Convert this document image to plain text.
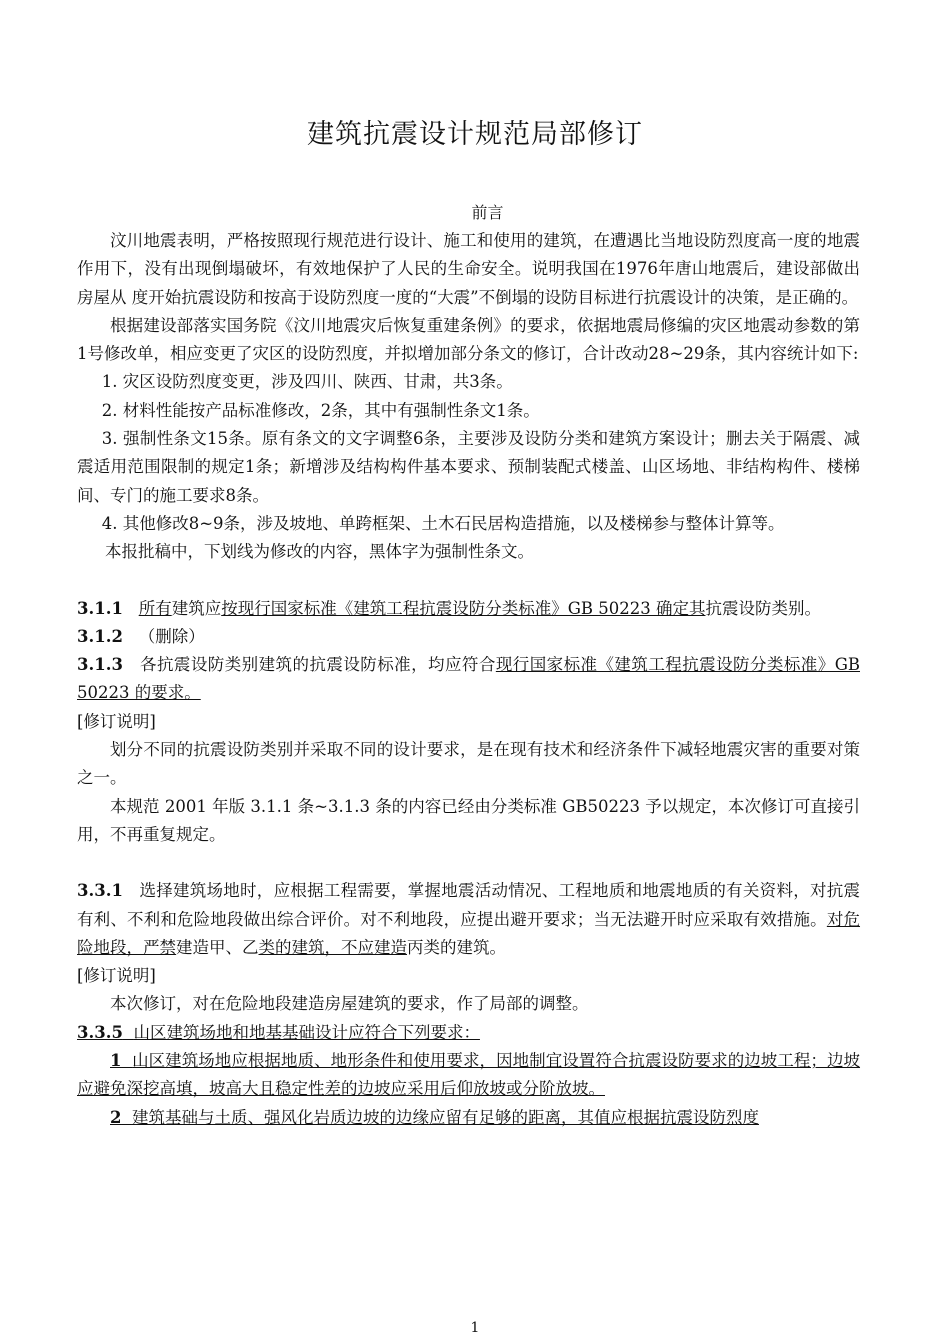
建筑抗震设计规范局部修订
前言

汶川地震表明，严格按照现行规范进行设计、施工和使用的建筑，在遭遇比当地设防烈度高一度的地震作用下，没有出现倒塌破坏，有效地保护了人民的生命安全。说明我国在1976年唐山地震后，建设部做出房屋从 度开始抗震设防和按高于设防烈度一度的“大震”不倒塌的设防目标进行抗震设计的决策，是正确的。

根据建设部落实国务院《汶川地震灾后恢复重建条例》的要求，依据地震局修编的灾区地震动参数的第1号修改单，相应变更了灾区的设防烈度，并拟增加部分条文的修订，合计改动28~29条，其内容统计如下:

1. 灾区设防烈度变更，涉及四川、陕西、甘肃，共3条。

2. 材料性能按产品标准修改，2条，其中有强制性条文1条。

3. 强制性条文15条。原有条文的文字调整6条，主要涉及设防分类和建筑方案设计；删去关于隔震、减震适用范围限制的规定1条；新增涉及结构构件基本要求、预制装配式楼盖、山区场地、非结构构件、楼梯间、专门的施工要求8条。

4. 其他修改8~9条，涉及坡地、单跨框架、土木石民居构造措施，以及楼梯参与整体计算等。

本报批稿中，下划线为修改的内容，黑体字为强制性条文。

3.1.1 所有建筑应按现行国家标准《建筑工程抗震设防分类标准》GB 50223 确定其抗震设防类别。

3.1.2 （删除）

3.1.3 各抗震设防类别建筑的抗震设防标准，均应符合现行国家标准《建筑工程抗震设防分类标准》GB 50223 的要求。

[修订说明]

划分不同的抗震设防类别并采取不同的设计要求，是在现有技术和经济条件下减轻地震灾害的重要对策之一。

本规范 2001 年版 3.1.1 条~3.1.3 条的内容已经由分类标准 GB50223 予以规定，本次修订可直接引用，不再重复规定。

3.3.1 选择建筑场地时，应根据工程需要，掌握地震活动情况、工程地质和地震地质的有关资料，对抗震有利、不利和危险地段做出综合评价。对不利地段，应提出避开要求；当无法避开时应采取有效措施。对危险地段，严禁建造甲、乙类的建筑，不应建造丙类的建筑。

[修订说明]

本次修订，对在危险地段建造房屋建筑的要求，作了局部的调整。

3.3.5 山区建筑场地和地基基础设计应符合下列要求：

1 山区建筑场地应根据地质、地形条件和使用要求，因地制宜设置符合抗震设防要求的边坡工程；边坡应避免深挖高填，坡高大且稳定性差的边坡应采用后仰放坡或分阶放坡。

2 建筑基础与土质、强风化岩质边坡的边缘应留有足够的距离，其值应根据抗震设防烈度

1
